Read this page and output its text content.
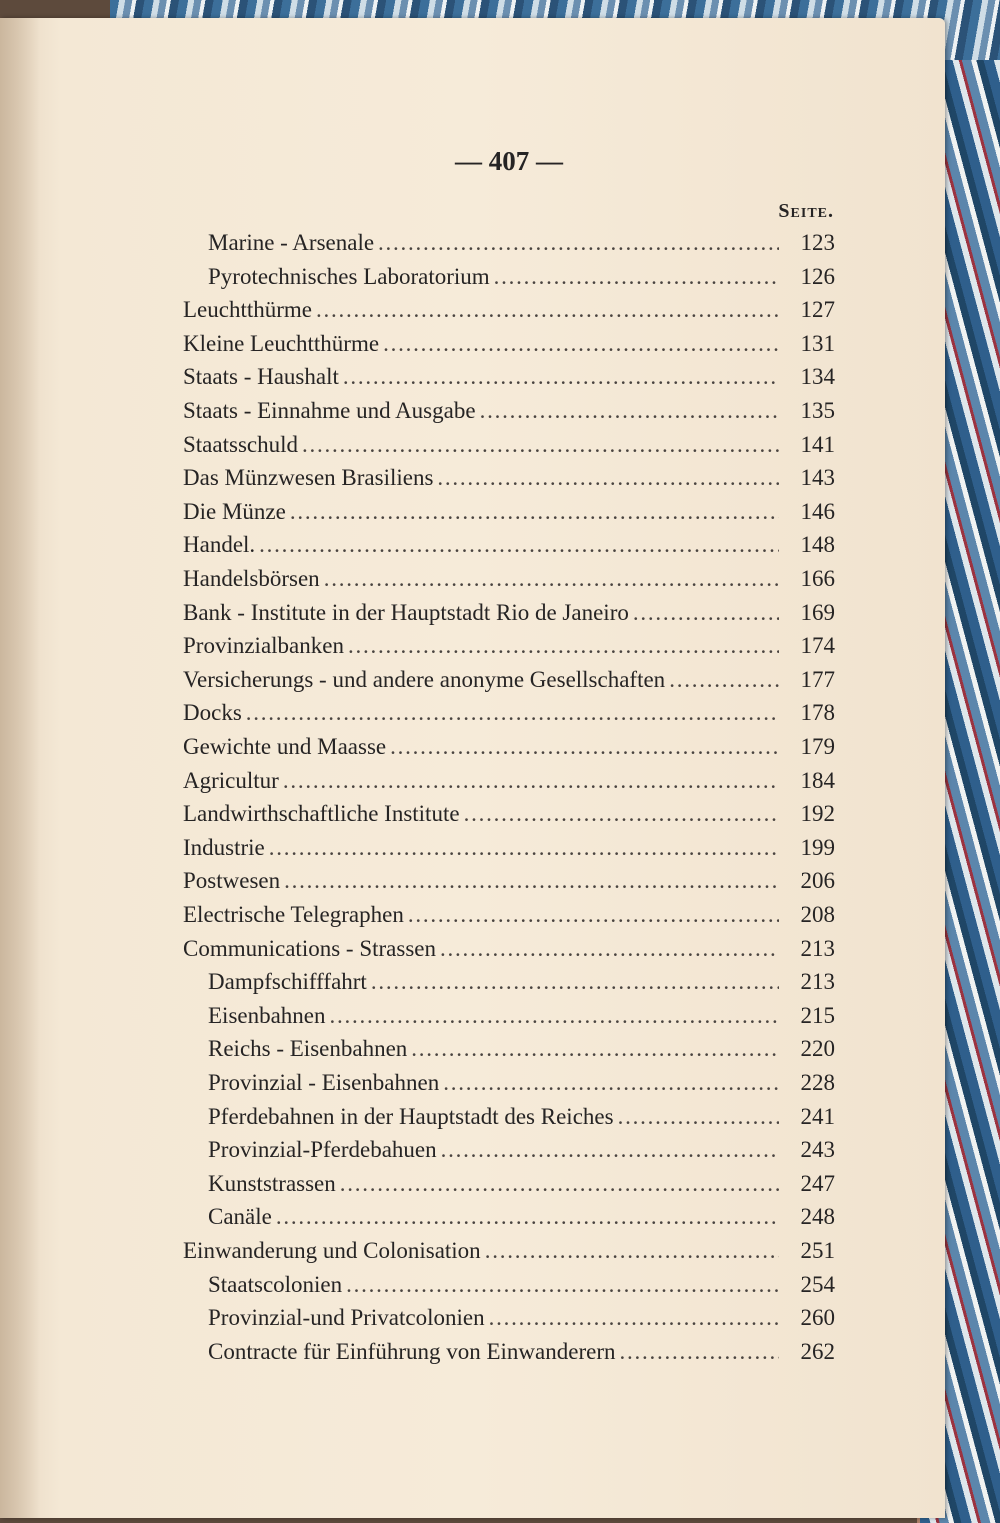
— 407 —
Seite.
Marine - Arsenale . . .	123
Pyrotechnisches Laboratorium . . .	126
Leuchtthürme . . .	127
Kleine Leuchtthürme . . .	131
Staats - Haushalt . . .	134
Staats - Einnahme und Ausgabe . . .	135
Staatsschuld . . .	141
Das Münzwesen Brasiliens . . .	143
Die Münze . . .	146
Handel. . . .	148
Handelsbörsen . . .	166
Bank - Institute in der Hauptstadt Rio de Janeiro . . .	169
Provinzialbanken . . .	174
Versicherungs - und andere anonyme Gesellschaften . . .	177
Docks . . .	178
Gewichte und Maasse . . .	179
Agricultur . . .	184
Landwirthschaftliche Institute . . .	192
Industrie . . .	199
Postwesen . . .	206
Electrische Telegraphen . . .	208
Communications - Strassen . . .	213
Dampfschifffahrt . . .	213
Eisenbahnen . . .	215
Reichs - Eisenbahnen . . .	220
Provinzial - Eisenbahnen . . .	228
Pferdebahnen in der Hauptstadt des Reiches . . .	241
Provinzial-Pferdebahuen . . .	243
Kunststrassen . . .	247
Canäle . . .	248
Einwanderung und Colonisation . . .	251
Staatscolonien . . .	254
Provinzial-und Privatcolonien . . .	260
Contracte für Einführung von Einwanderern . . .	262
